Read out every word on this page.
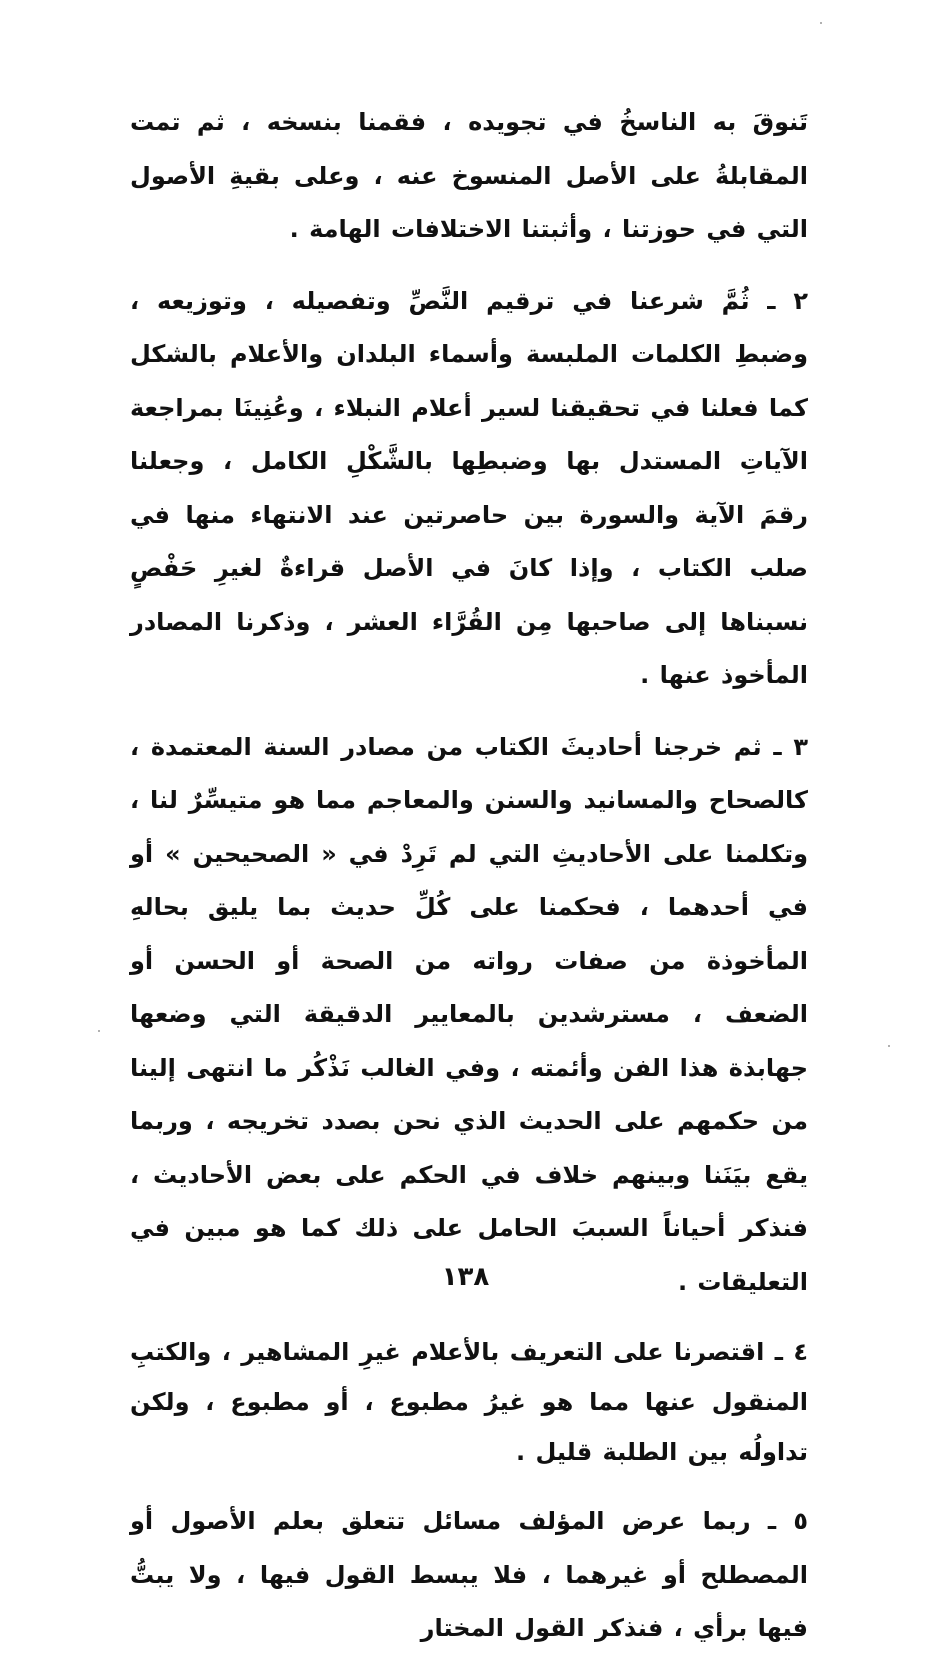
تَنوقَ به الناسخُ في تجويده ، فقمنا بنسخه ، ثم تمت المقابلةُ على الأصل المنسوخ عنه ، وعلى بقيةِ الأصول التي في حوزتنا ، وأثبتنا الاختلافات الهامة .

٢ ـ ثُمَّ شرعنا في ترقيم النَّصِّ وتفصيله ، وتوزيعه ، وضبطِ الكلمات الملبسة وأسماء البلدان والأعلام بالشكل كما فعلنا في تحقيقنا لسير أعلام النبلاء ، وعُنِينَا بمراجعة الآياتِ المستدل بها وضبطِها بالشَّكْلِ الكامل ، وجعلنا رقمَ الآية والسورة بين حاصرتين عند الانتهاء منها في صلب الكتاب ، وإذا كانَ في الأصل قراءةٌ لغيرِ حَفْصٍ نسبناها إلى صاحبها مِن القُرَّاء العشر ، وذكرنا المصادر المأخوذ عنها .

٣ ـ ثم خرجنا أحاديثَ الكتاب من مصادر السنة المعتمدة ، كالصحاح والمسانيد والسنن والمعاجم مما هو متيسِّرٌ لنا ، وتكلمنا على الأحاديثِ التي لم تَرِدْ في « الصحيحين » أو في أحدهما ، فحكمنا على كُلِّ حديث بما يليق بحالهِ المأخوذة من صفات رواته من الصحة أو الحسن أو الضعف ، مسترشدين بالمعايير الدقيقة التي وضعها جهابذة هذا الفن وأئمته ، وفي الغالب نَذْكُر ما انتهى إلينا من حكمهم على الحديث الذي نحن بصدد تخريجه ، وربما يقع بيَنَنا وبينهم خلاف في الحكم على بعض الأحاديث ، فنذكر أحياناً السببَ الحامل على ذلك كما هو مبين في التعليقات .

٤ ـ اقتصرنا على التعريف بالأعلام غيرِ المشاهير ، والكتبِ المنقول عنها مما هو غيرُ مطبوع ، أو مطبوع ، ولكن تداولُه بين الطلبة قليل .

٥ ـ ربما عرض المؤلف مسائل تتعلق بعلم الأصول أو المصطلح أو غيرهما ، فلا يبسط القول فيها ، ولا يبتُّ فيها برأي ، فنذكر القول المختار

١٣٨
